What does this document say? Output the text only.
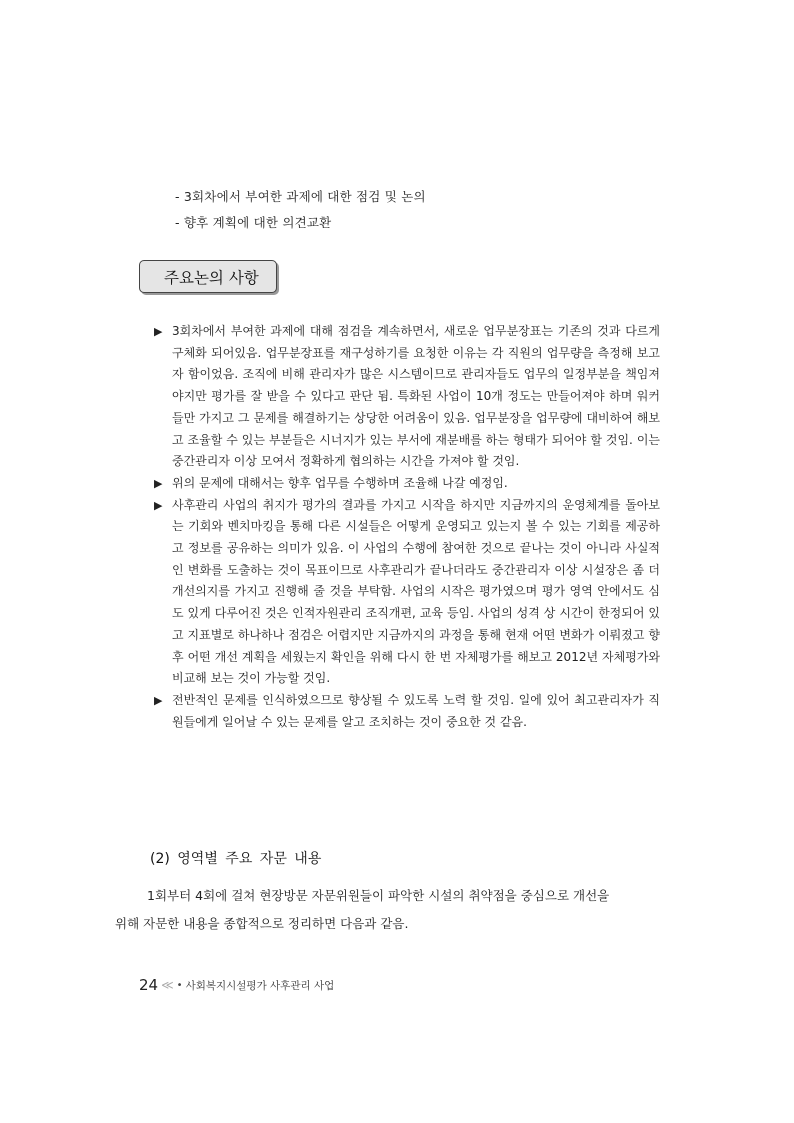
- 3회차에서 부여한 과제에 대한 점검 및 논의
- 향후 계획에 대한 의견교환
주요논의 사항
▶ 3회차에서 부여한 과제에 대해 점검을 계속하면서, 새로운 업무분장표는 기존의 것과 다르게 구체화 되어있음. 업무분장표를 재구성하기를 요청한 이유는 각 직원의 업무량을 측정해 보고자 함이었음. 조직에 비해 관리자가 많은 시스템이므로 관리자들도 업무의 일정부분을 책임져야지만 평가를 잘 받을 수 있다고 판단 됨. 특화된 사업이 10개 정도는 만들어져야 하며 워커들만 가지고 그 문제를 해결하기는 상당한 어려움이 있음. 업무분장을 업무량에 대비하여 해보고 조율할 수 있는 부분들은 시너지가 있는 부서에 재분배를 하는 형태가 되어야 할 것임. 이는 중간관리자 이상 모여서 정확하게 협의하는 시간을 가져야 할 것임.
▶ 위의 문제에 대해서는 향후 업무를 수행하며 조율해 나갈 예정임.
▶ 사후관리 사업의 취지가 평가의 결과를 가지고 시작을 하지만 지금까지의 운영체계를 돌아보는 기회와 벤치마킹을 통해 다른 시설들은 어떻게 운영되고 있는지 볼 수 있는 기회를 제공하고 정보를 공유하는 의미가 있음. 이 사업의 수행에 참여한 것으로 끝나는 것이 아니라 사실적인 변화를 도출하는 것이 목표이므로 사후관리가 끝나더라도 중간관리자 이상 시설장은 좀 더 개선의지를 가지고 진행해 줄 것을 부탁함. 사업의 시작은 평가였으며 평가 영역 안에서도 심도 있게 다루어진 것은 인적자원관리 조직개편, 교육 등임. 사업의 성격 상 시간이 한정되어 있고 지표별로 하나하나 점검은 어렵지만 지금까지의 과정을 통해 현재 어떤 변화가 이뤄졌고 향후 어떤 개선 계획을 세웠는지 확인을 위해 다시 한 번 자체평가를 해보고 2012년 자체평가와 비교해 보는 것이 가능할 것임.
▶ 전반적인 문제를 인식하였으므로 향상될 수 있도록 노력 할 것임. 일에 있어 최고관리자가 직원들에게 일어날 수 있는 문제를 알고 조치하는 것이 중요한 것 같음.
(2) 영역별 주요 자문 내용
1회부터 4회에 걸쳐 현장방문 자문위원들이 파악한 시설의 취약점을 중심으로 개선을
위해 자문한 내용을 종합적으로 정리하면 다음과 같음.
24 ≪ • 사회복지시설평가 사후관리 사업
